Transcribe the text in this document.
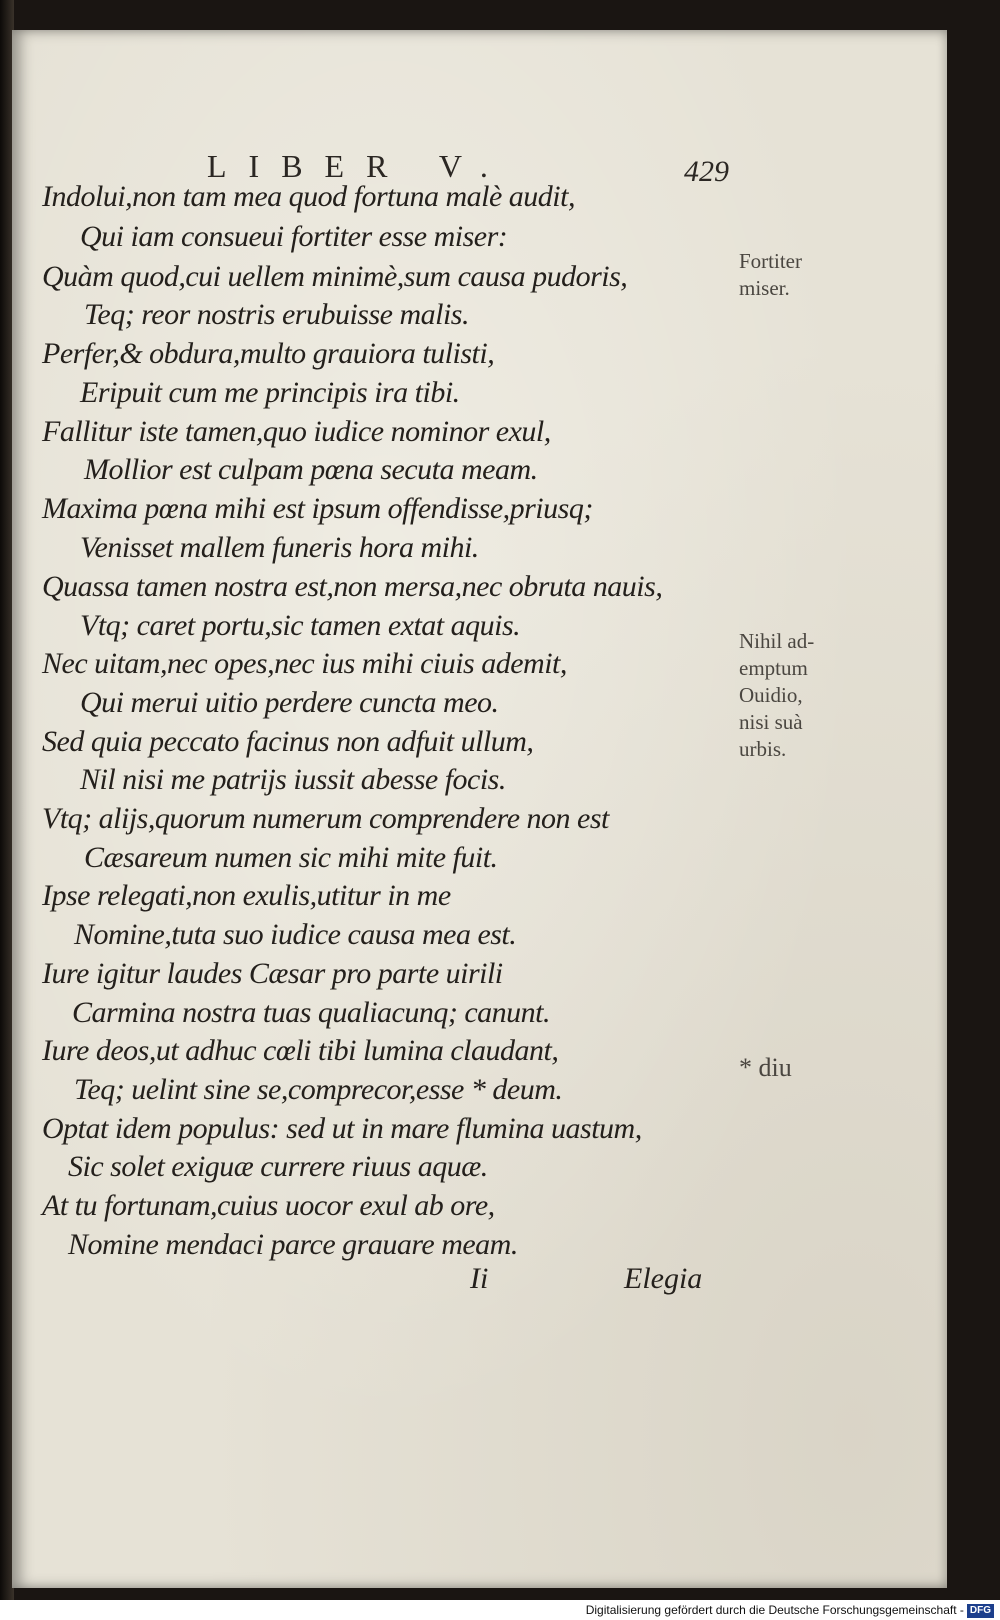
LIBER V.	429
Indolui,non tam mea quod fortuna malè audit,
Qui iam consueui fortiter esse miser:
Quàm quod,cui uellem minimè,sum causa pudoris,
Teq; reor nostris erubuisse malis.
Perfer,& obdura,multo grauiora tulisti,
Eripuit cum me principis ira tibi.
Fallitur iste tamen,quo iudice nominor exul,
Mollior est culpam pœna secuta meam.
Maxima pœna mihi est ipsum offendisse,priusq;
Venisset mallem funeris hora mihi.
Quassa tamen nostra est,non mersa,nec obruta nauis,
Vtq; caret portu,sic tamen extat aquis.
Nec uitam,nec opes,nec ius mihi ciuis ademit,
Qui merui uitio perdere cuncta meo.
Sed quia peccato facinus non adfuit ullum,
Nil nisi me patrijs iussit abesse focis.
Vtq; alijs,quorum numerum comprendere non est
Cæsareum numen sic mihi mite fuit.
Ipse relegati,non exulis,utitur in me
Nomine,tuta suo iudice causa mea est.
Iure igitur laudes Cæsar pro parte uirili
Carmina nostra tuas qualiacunq; canunt.
Iure deos,ut adhuc cœli tibi lumina claudant,
Teq; uelint sine se,comprecor,esse * deum.
Optat idem populus: sed ut in mare flumina uastum,
Sic solet exiguæ currere riuus aquæ.
At tu fortunam,cuius uocor exul ab ore,
Nomine mendaci parce grauare meam.
Fortiter
miser.
Nihil ad-
emptum
Ouidio,
nisi suà
urbis.
* diu
Ii	Elegia
Digitalisierung gefördert durch die Deutsche Forschungsgemeinschaft - DFG
